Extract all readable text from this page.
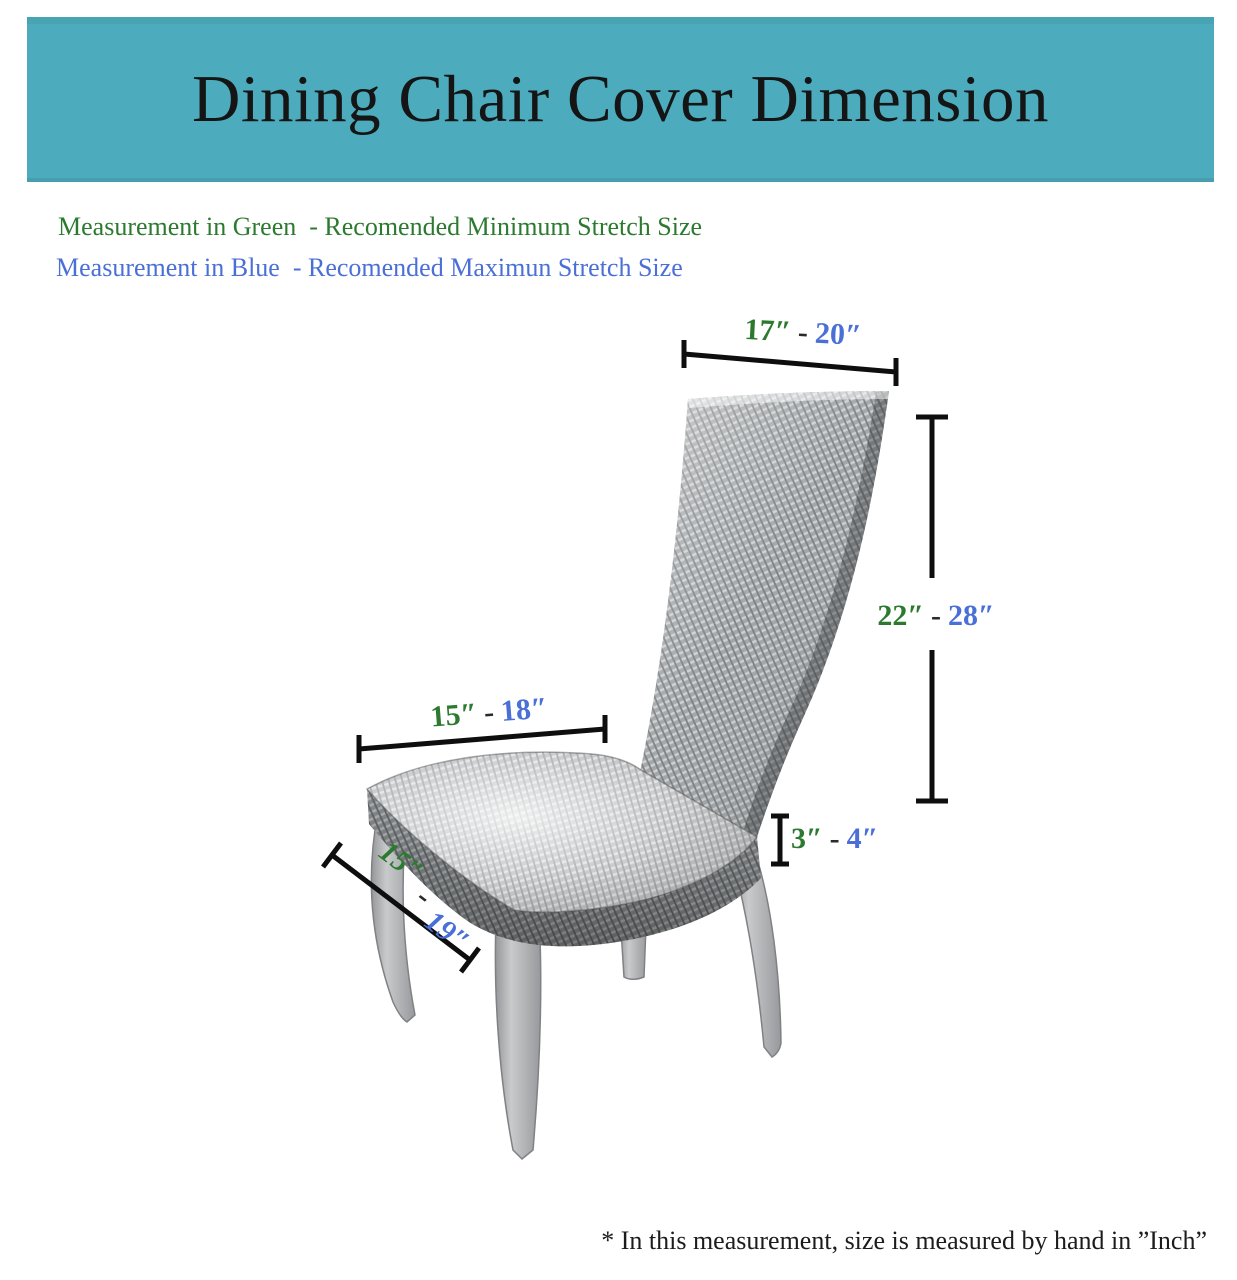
Dining Chair Cover Dimension

Measurement in Green  - Recomended Minimum Stretch Size

Measurement in Blue  - Recomended Maximun Stretch Size

17″ - 20″
22″ - 28″
15″ - 18″
3″ - 4″
15″-19″

* In this measurement, size is measured by hand in ”Inch”
